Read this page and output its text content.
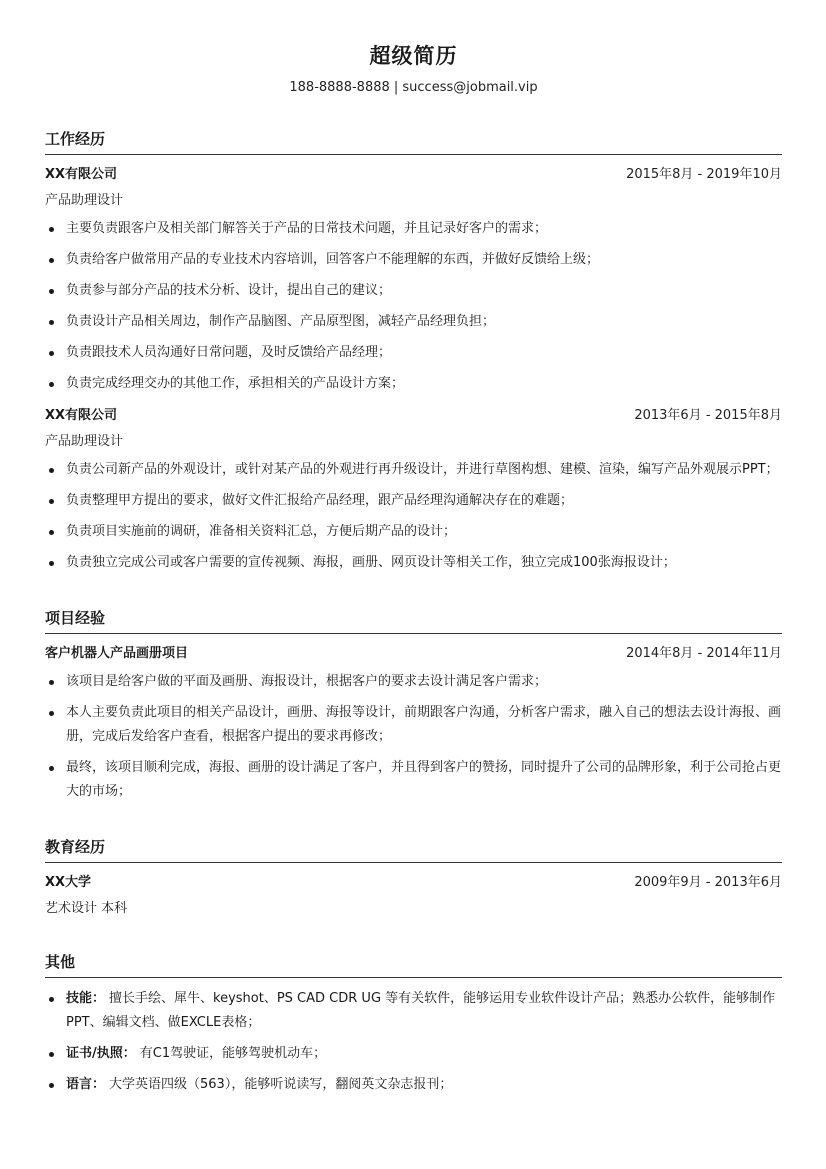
超级简历
188-8888-8888 | success@jobmail.vip
工作经历
XX有限公司	2015年8月 - 2019年10月
产品助理设计
主要负责跟客户及相关部门解答关于产品的日常技术问题，并且记录好客户的需求；
负责给客户做常用产品的专业技术内容培训，回答客户不能理解的东西，并做好反馈给上级；
负责参与部分产品的技术分析、设计，提出自己的建议；
负责设计产品相关周边，制作产品脑图、产品原型图，减轻产品经理负担；
负责跟技术人员沟通好日常问题，及时反馈给产品经理；
负责完成经理交办的其他工作，承担相关的产品设计方案；
XX有限公司	2013年6月 - 2015年8月
产品助理设计
负责公司新产品的外观设计，或针对某产品的外观进行再升级设计，并进行草图构想、建模、渲染，编写产品外观展示PPT；
负责整理甲方提出的要求，做好文件汇报给产品经理，跟产品经理沟通解决存在的难题；
负责项目实施前的调研，准备相关资料汇总，方便后期产品的设计；
负责独立完成公司或客户需要的宣传视频、海报，画册、网页设计等相关工作，独立完成100张海报设计；
项目经验
客户机器人产品画册项目	2014年8月 - 2014年11月
该项目是给客户做的平面及画册、海报设计，根据客户的要求去设计满足客户需求；
本人主要负责此项目的相关产品设计，画册、海报等设计，前期跟客户沟通，分析客户需求，融入自己的想法去设计海报、画册，完成后发给客户查看，根据客户提出的要求再修改；
最终，该项目顺利完成，海报、画册的设计满足了客户，并且得到客户的赞扬，同时提升了公司的品牌形象，利于公司抢占更大的市场；
教育经历
XX大学	2009年9月 - 2013年6月
艺术设计 本科
其他
技能： 擅长手绘、犀牛、keyshot、PS CAD CDR UG 等有关软件，能够运用专业软件设计产品；熟悉办公软件，能够制作PPT、编辑文档、做EXCLE表格；
证书/执照： 有C1驾驶证，能够驾驶机动车；
语言： 大学英语四级（563），能够听说读写，翻阅英文杂志报刊；
